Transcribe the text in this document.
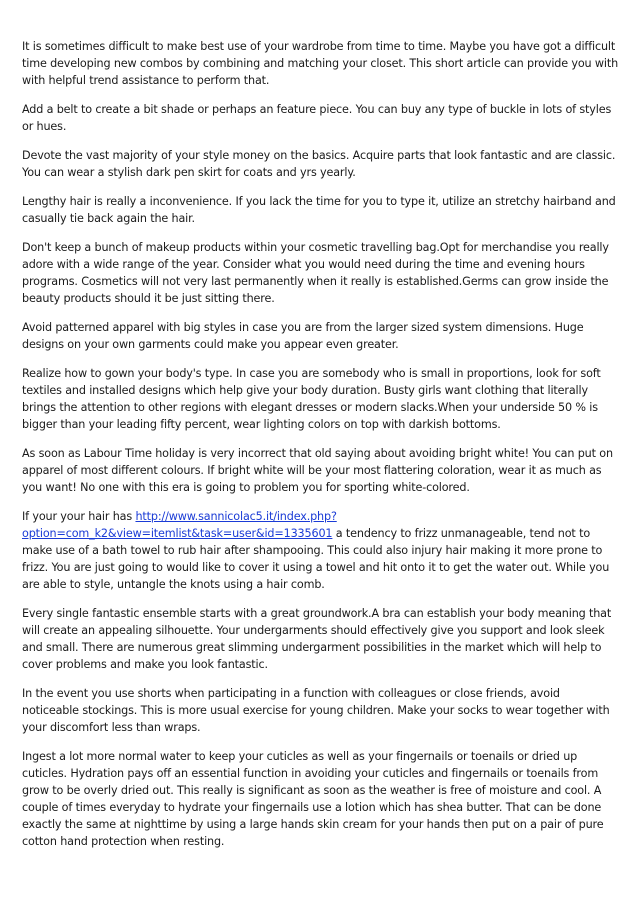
It is sometimes difficult to make best use of your wardrobe from time to time. Maybe you have got a difficult time developing new combos by combining and matching your closet. This short article can provide you with with helpful trend assistance to perform that.

Add a belt to create a bit shade or perhaps an feature piece. You can buy any type of buckle in lots of styles or hues.

Devote the vast majority of your style money on the basics. Acquire parts that look fantastic and are classic. You can wear a stylish dark pen skirt for coats and yrs yearly.

Lengthy hair is really a inconvenience. If you lack the time for you to type it, utilize an stretchy hairband and casually tie back again the hair.

Don't keep a bunch of makeup products within your cosmetic travelling bag.Opt for merchandise you really adore with a wide range of the year. Consider what you would need during the time and evening hours programs. Cosmetics will not very last permanently when it really is established.Germs can grow inside the beauty products should it be just sitting there.

Avoid patterned apparel with big styles in case you are from the larger sized system dimensions. Huge designs on your own garments could make you appear even greater.

Realize how to gown your body's type. In case you are somebody who is small in proportions, look for soft textiles and installed designs which help give your body duration. Busty girls want clothing that literally brings the attention to other regions with elegant dresses or modern slacks.When your underside 50 % is bigger than your leading fifty percent, wear lighting colors on top with darkish bottoms.

As soon as Labour Time holiday is very incorrect that old saying about avoiding bright white! You can put on apparel of most different colours. If bright white will be your most flattering coloration, wear it as much as you want! No one with this era is going to problem you for sporting white-colored.

If your your hair has http://www.sannicolac5.it/index.php?option=com_k2&view=itemlist&task=user&id=1335601 a tendency to frizz unmanageable, tend not to make use of a bath towel to rub hair after shampooing. This could also injury hair making it more prone to frizz. You are just going to would like to cover it using a towel and hit onto it to get the water out. While you are able to style, untangle the knots using a hair comb.

Every single fantastic ensemble starts with a great groundwork.A bra can establish your body meaning that will create an appealing silhouette. Your undergarments should effectively give you support and look sleek and small. There are numerous great slimming undergarment possibilities in the market which will help to cover problems and make you look fantastic.

In the event you use shorts when participating in a function with colleagues or close friends, avoid noticeable stockings. This is more usual exercise for young children. Make your socks to wear together with your discomfort less than wraps.

Ingest a lot more normal water to keep your cuticles as well as your fingernails or toenails or dried up cuticles. Hydration pays off an essential function in avoiding your cuticles and fingernails or toenails from grow to be overly dried out. This really is significant as soon as the weather is free of moisture and cool. A couple of times everyday to hydrate your fingernails use a lotion which has shea butter. That can be done exactly the same at nighttime by using a large hands skin cream for your hands then put on a pair of pure cotton hand protection when resting.
